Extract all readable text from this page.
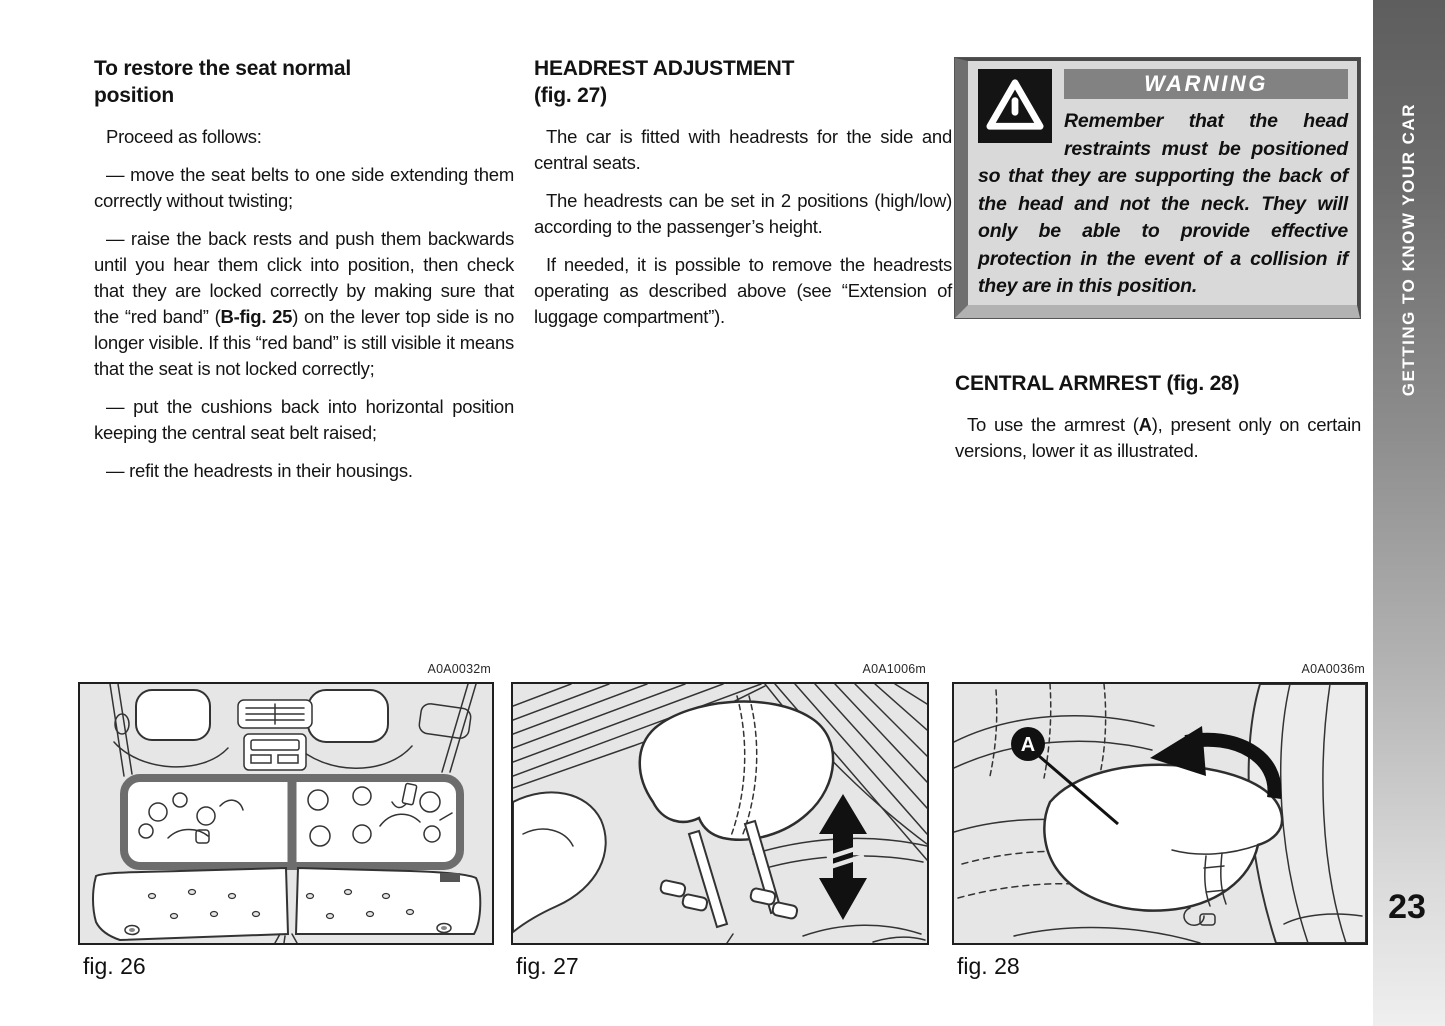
To restore the seat normal position

Proceed as follows:

— move the seat belts to one side extending them correctly without twisting;

— raise the back rests and push them backwards until you hear them click into position, then check that they are locked correctly by making sure that the “red band” (B-fig. 25) on the lever top side is no longer visible. If this “red band” is still visible it means that the seat is not locked correctly;

— put the cushions back into horizontal position keeping the central seat belt raised;

— refit the headrests in their housings.

HEADREST ADJUSTMENT
(fig. 27)

The car is fitted with headrests for the side and central seats.

The headrests can be set in 2 positions (high/low) according to the passenger’s height.

If needed, it is possible to remove the headrests operating as described above (see “Extension of luggage compartment”).

WARNING
Remember that the head restraints must be positioned so that they are supporting the back of the head and not the neck. They will only be able to provide effective protection in the event of a collision if they are in this position.
CENTRAL ARMREST (fig. 28)

To use the armrest (A), present only on certain versions, lower it as illustrated.

A0A0032m
fig. 26
A0A1006m
fig. 27
A0A0036m
A
fig. 28
GETTING TO KNOW YOUR CAR
23
